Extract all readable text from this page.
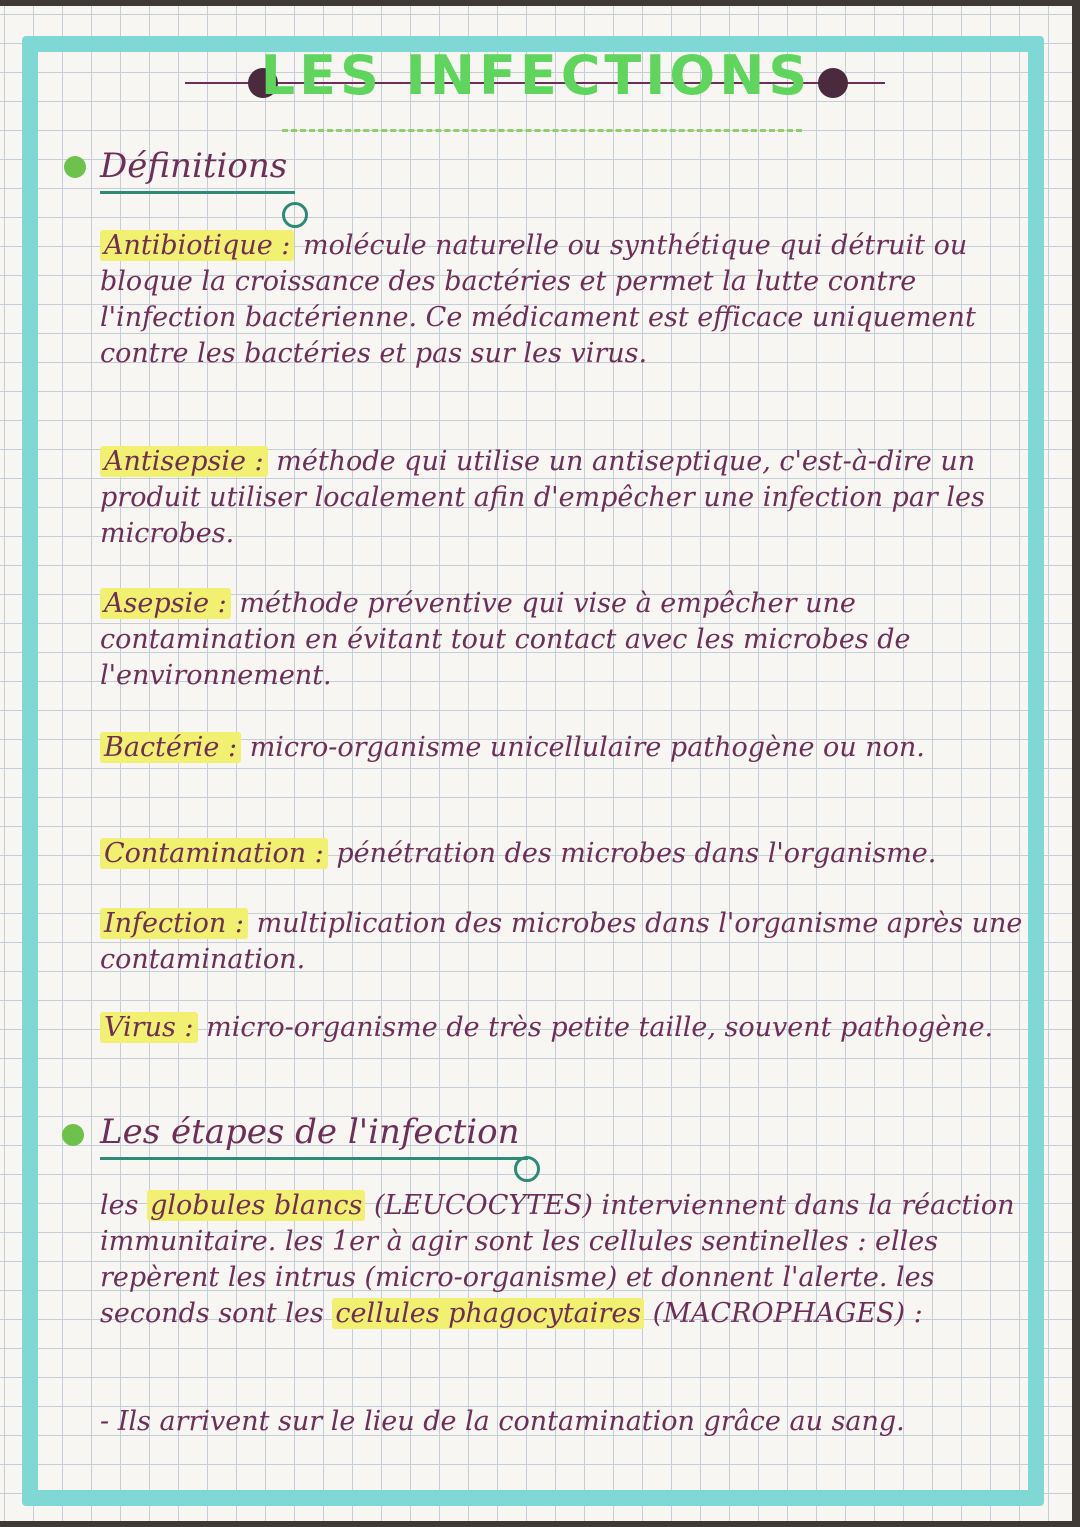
LES INFECTIONS
Définitions
Antibiotique : molécule naturelle ou synthétique qui détruit ou bloque la croissance des bactéries et permet la lutte contre l'infection bactérienne. Ce médicament est efficace uniquement contre les bactéries et pas sur les virus.
Antisepsie : méthode qui utilise un antiseptique, c'est-à-dire un produit utiliser localement afin d'empêcher une infection par les microbes.
Asepsie : méthode préventive qui vise à empêcher une contamination en évitant tout contact avec les microbes de l'environnement.
Bactérie : micro-organisme unicellulaire pathogène ou non.
Contamination : pénétration des microbes dans l'organisme.
Infection : multiplication des microbes dans l'organisme après une contamination.
Virus : micro-organisme de très petite taille, souvent pathogène.
Les étapes de l'infection
les globules blancs (LEUCOCYTES) interviennent dans la réaction immunitaire. les 1er à agir sont les cellules sentinelles : elles repèrent les intrus (micro-organisme) et donnent l'alerte. les seconds sont les cellules phagocytaires (MACROPHAGES) :
- Ils arrivent sur le lieu de la contamination grâce au sang.
